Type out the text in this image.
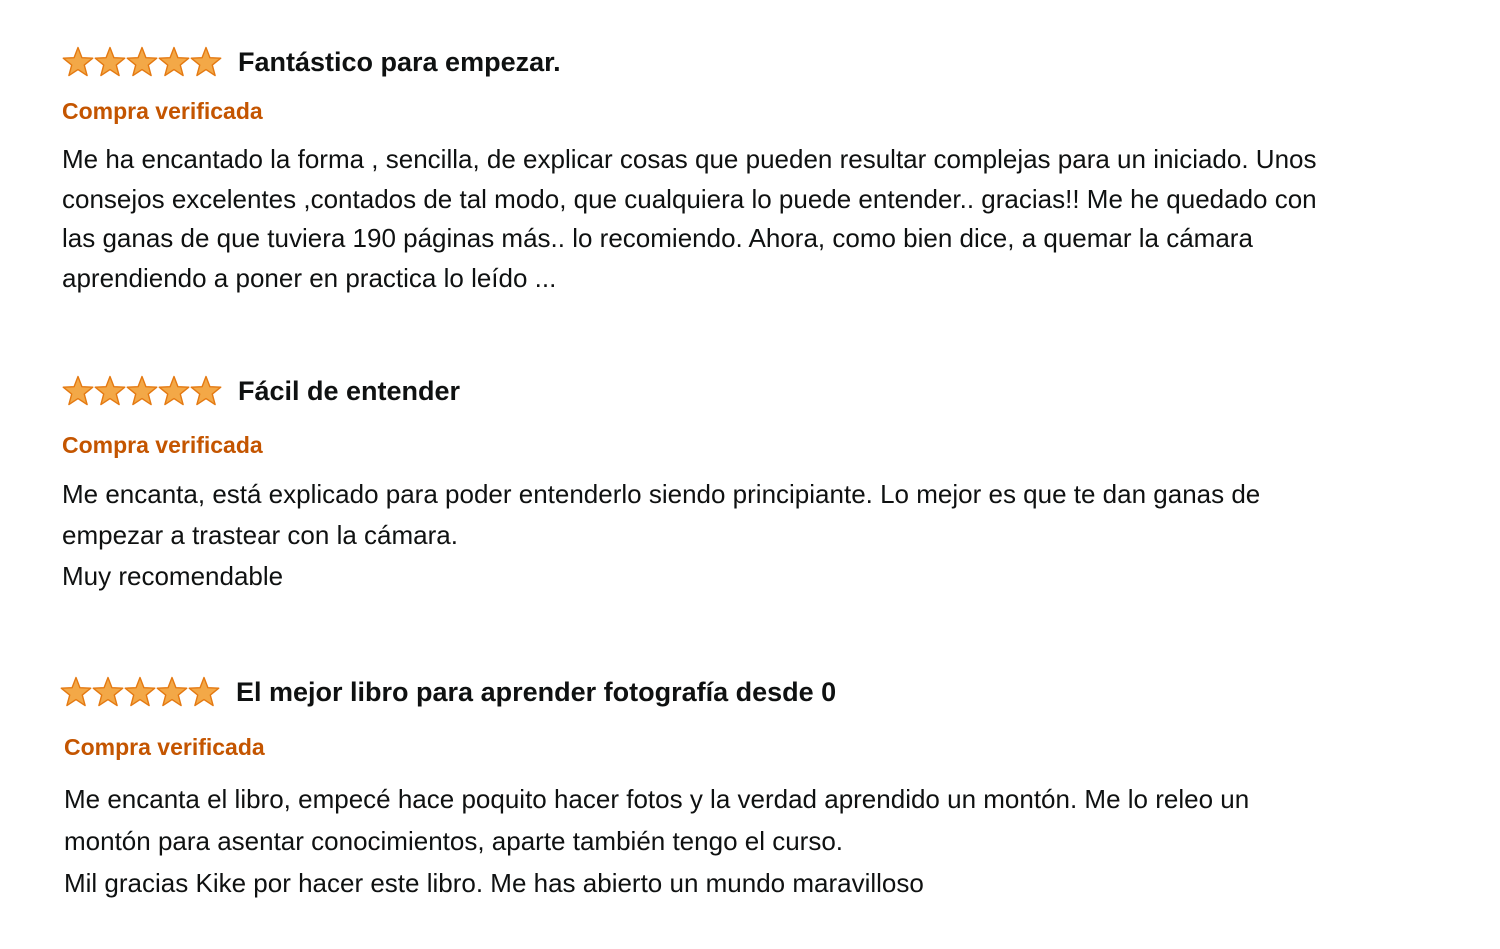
Fantástico para empezar.
Compra verificada
Me ha encantado la forma , sencilla, de explicar cosas que pueden resultar complejas para un iniciado. Unos
consejos excelentes ,contados de tal modo, que cualquiera lo puede entender.. gracias!! Me he quedado con
las ganas de que tuviera 190 páginas más.. lo recomiendo. Ahora, como bien dice, a quemar la cámara
aprendiendo a poner en practica lo leído ...
Fácil de entender
Compra verificada
Me encanta, está explicado para poder entenderlo siendo principiante. Lo mejor es que te dan ganas de
empezar a trastear con la cámara.
Muy recomendable
El mejor libro para aprender fotografía desde 0
Compra verificada
Me encanta el libro, empecé hace poquito hacer fotos y la verdad aprendido un montón. Me lo releo un
montón para asentar conocimientos, aparte también tengo el curso.
Mil gracias Kike por hacer este libro. Me has abierto un mundo maravilloso
